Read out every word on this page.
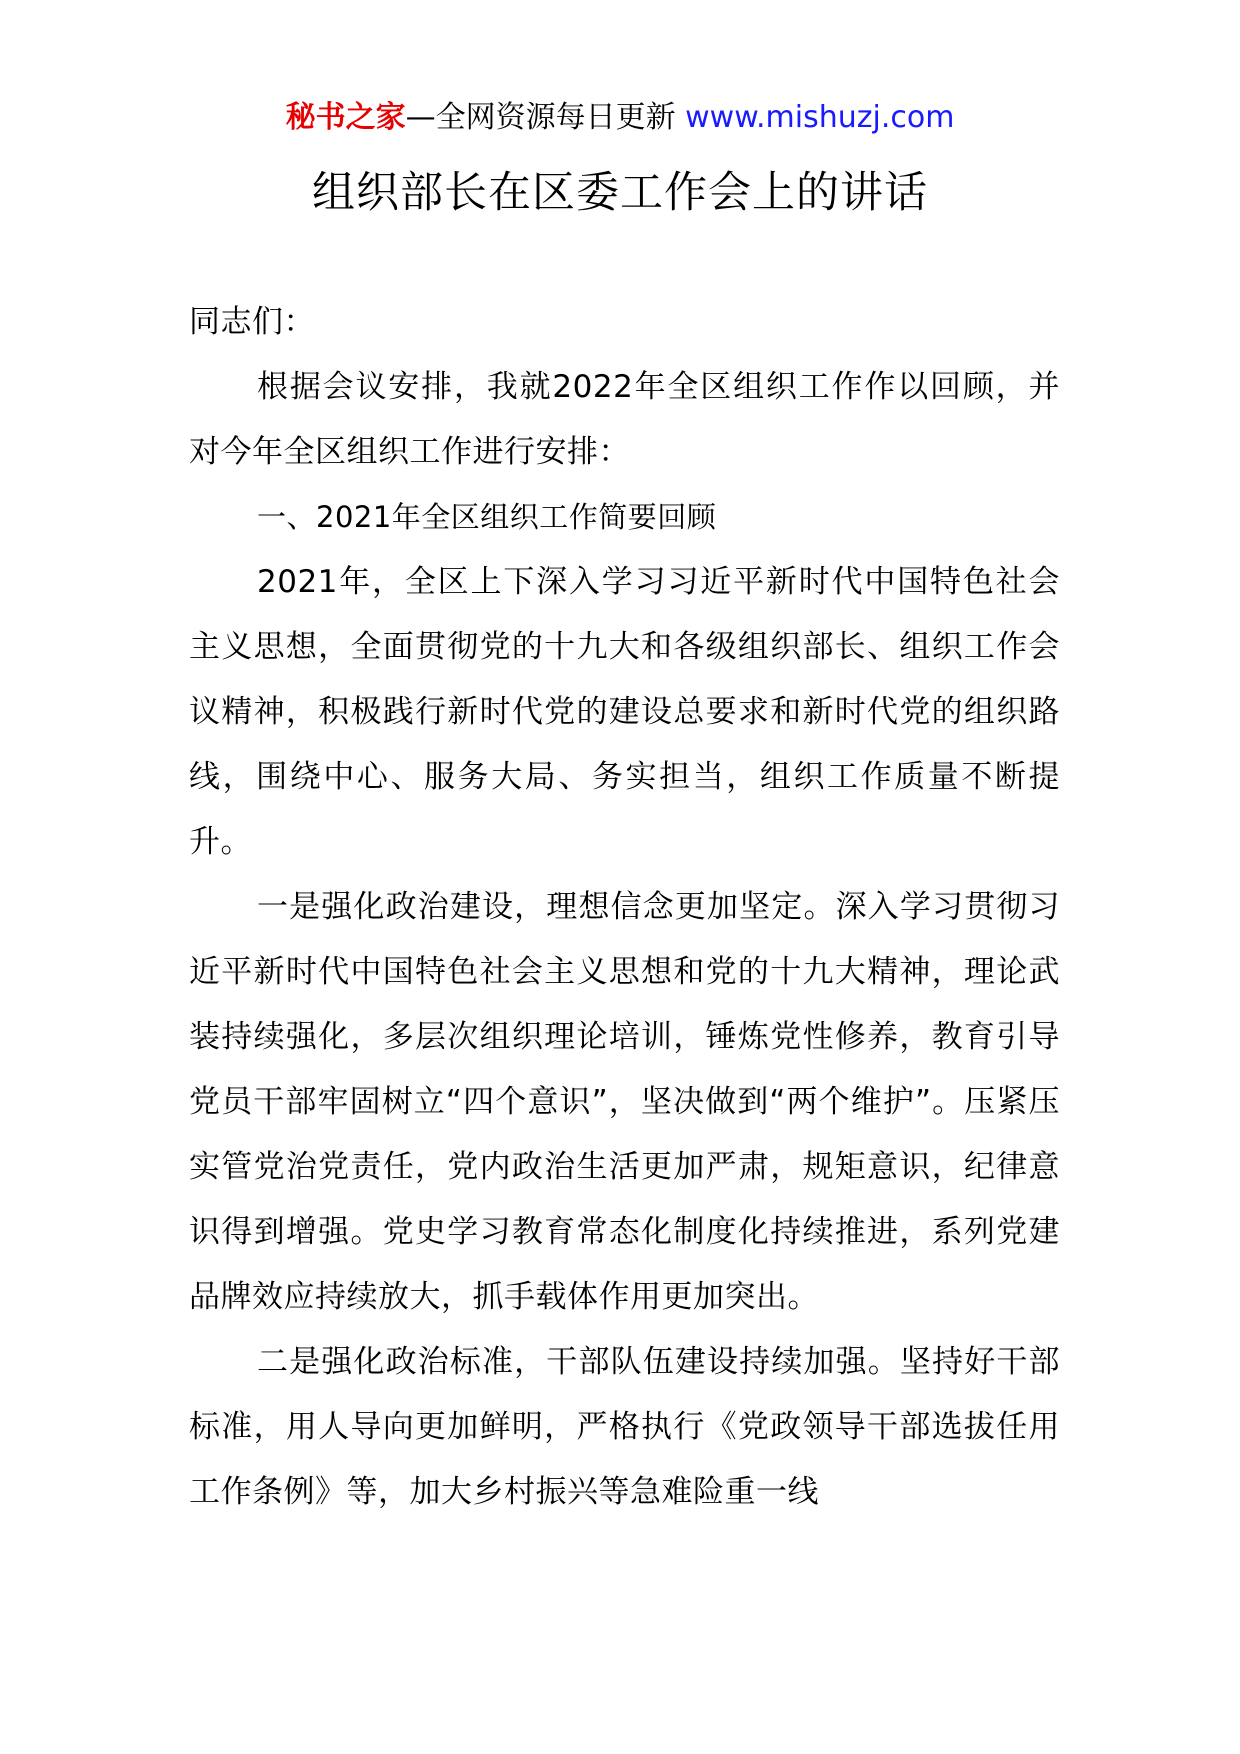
秘书之家—全网资源每日更新 www.mishuzj.com
组织部长在区委工作会上的讲话

同志们：

根据会议安排，我就2022年全区组织工作作以回顾，并对今年全区组织工作进行安排：

一、2021年全区组织工作简要回顾

2021年，全区上下深入学习习近平新时代中国特色社会主义思想，全面贯彻党的十九大和各级组织部长、组织工作会议精神，积极践行新时代党的建设总要求和新时代党的组织路线，围绕中心、服务大局、务实担当，组织工作质量不断提升。

一是强化政治建设，理想信念更加坚定。深入学习贯彻习近平新时代中国特色社会主义思想和党的十九大精神，理论武装持续强化，多层次组织理论培训，锤炼党性修养，教育引导党员干部牢固树立“四个意识”，坚决做到“两个维护”。压紧压实管党治党责任，党内政治生活更加严肃，规矩意识，纪律意识得到增强。党史学习教育常态化制度化持续推进，系列党建品牌效应持续放大，抓手载体作用更加突出。

二是强化政治标准，干部队伍建设持续加强。坚持好干部标准，用人导向更加鲜明，严格执行《党政领导干部选拔任用工作条例》等，加大乡村振兴等急难险重一线
